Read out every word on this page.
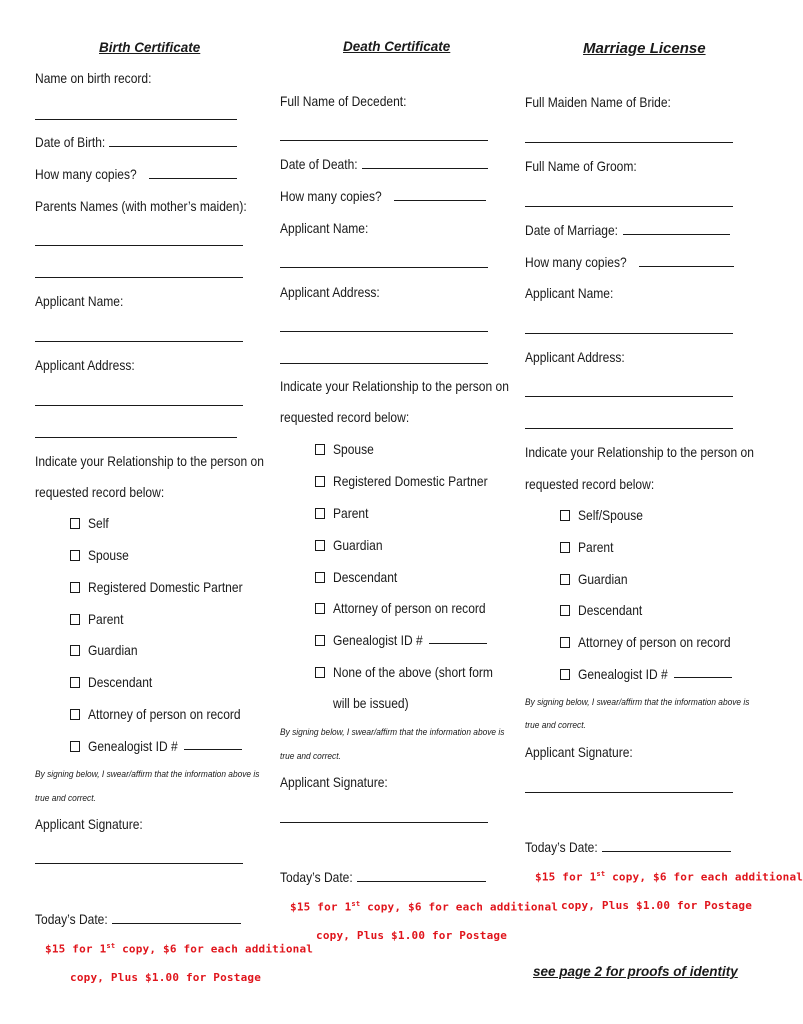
Birth Certificate
Name on birth record:
Date of Birth:
How many copies?
Parents Names (with mother’s maiden):
Applicant Name:
Applicant Address:
Indicate your Relationship to the person on
requested record below:
Self
Spouse
Registered Domestic Partner
Parent
Guardian
Descendant
Attorney of person on record
Genealogist ID #
By signing below, I swear/affirm that the information above is
true and correct.
Applicant Signature:
Today’s Date:
$15 for 1st copy, $6 for each additional
copy, Plus $1.00 for Postage
Death Certificate
Full Name of Decedent:
Date of Death:
How many copies?
Applicant Name:
Applicant Address:
Indicate your Relationship to the person on
requested record below:
Spouse
Registered Domestic Partner
Parent
Guardian
Descendant
Attorney of person on record
Genealogist ID #
None of the above (short form
will be issued)
By signing below, I swear/affirm that the information above is
true and correct.
Applicant Signature:
Today’s Date:
$15 for 1st copy, $6 for each additional
copy, Plus $1.00 for Postage
Marriage License
Full Maiden Name of Bride:
Full Name of Groom:
Date of Marriage:
How many copies?
Applicant Name:
Applicant Address:
Indicate your Relationship to the person on
requested record below:
Self/Spouse
Parent
Guardian
Descendant
Attorney of person on record
Genealogist ID #
By signing below, I swear/affirm that the information above is
true and correct.
Applicant Signature:
Today’s Date:
$15 for 1st copy, $6 for each additional
copy, Plus $1.00 for Postage
see page 2 for proofs of identity
